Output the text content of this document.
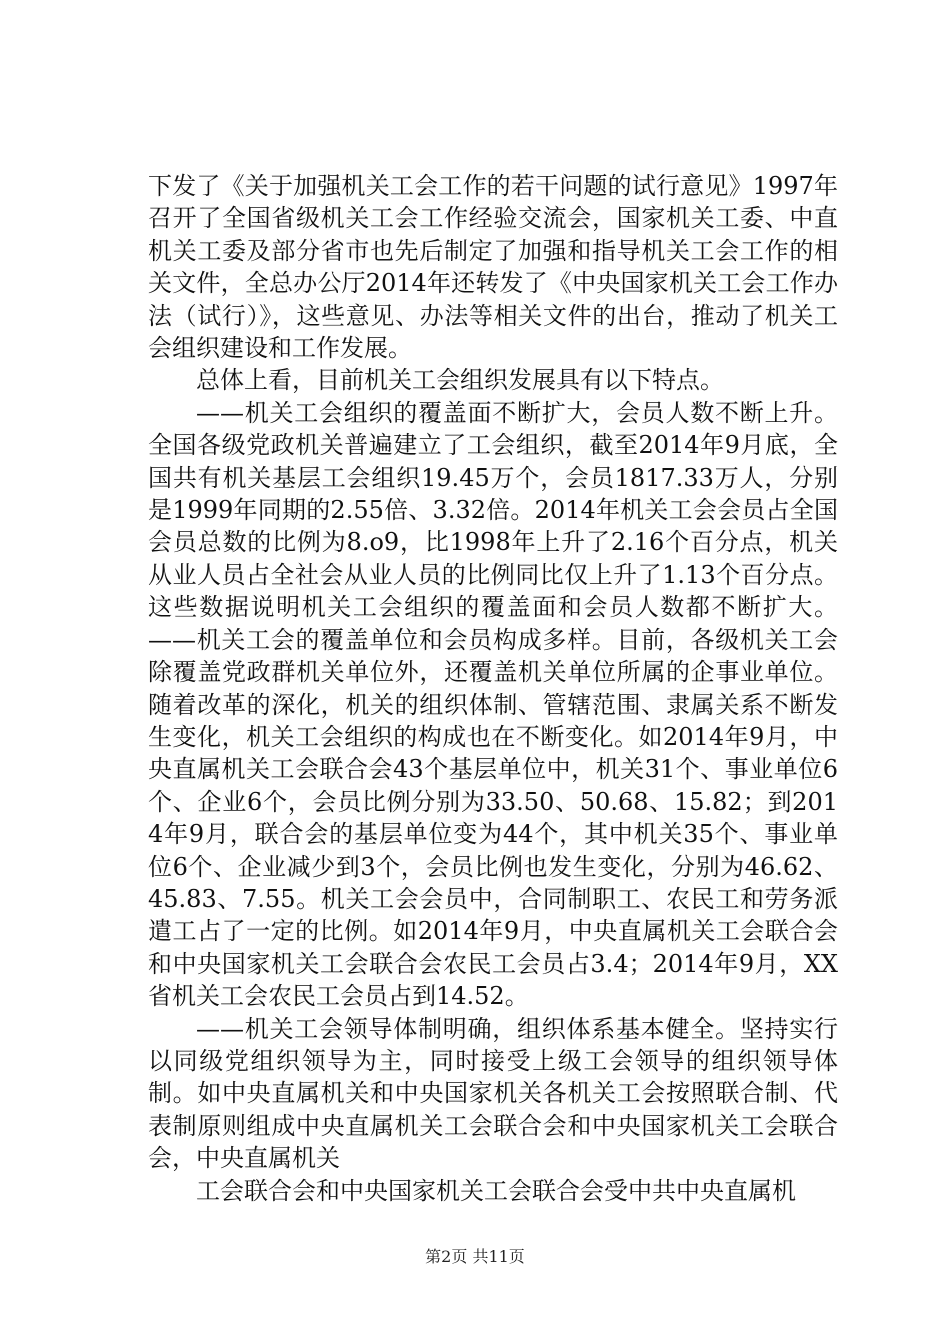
下发了《关于加强机关工会工作的若干问题的试行意见》1997年召开了全国省级机关工会工作经验交流会，国家机关工委、中直机关工委及部分省市也先后制定了加强和指导机关工会工作的相关文件，全总办公厅2014年还转发了《中央国家机关工会工作办法（试行）》，这些意见、办法等相关文件的出台，推动了机关工会组织建设和工作发展。

总体上看，目前机关工会组织发展具有以下特点。

——机关工会组织的覆盖面不断扩大，会员人数不断上升。全国各级党政机关普遍建立了工会组织，截至2014年9月底，全国共有机关基层工会组织19.45万个，会员1817.33万人，分别是1999年同期的2.55倍、3.32倍。2014年机关工会会员占全国会员总数的比例为8.o9，比1998年上升了2.16个百分点，机关从业人员占全社会从业人员的比例同比仅上升了1.13个百分点。这些数据说明机关工会组织的覆盖面和会员人数都不断扩大。——机关工会的覆盖单位和会员构成多样。目前，各级机关工会除覆盖党政群机关单位外，还覆盖机关单位所属的企事业单位。随着改革的深化，机关的组织体制、管辖范围、隶属关系不断发生变化，机关工会组织的构成也在不断变化。如2014年9月，中央直属机关工会联合会43个基层单位中，机关31个、事业单位6个、企业6个，会员比例分别为33.50、50.68、15.82；到2014年9月，联合会的基层单位变为44个，其中机关35个、事业单位6个、企业减少到3个，会员比例也发生变化，分别为46.62、45.83、7.55。机关工会会员中，合同制职工、农民工和劳务派遣工占了一定的比例。如2014年9月，中央直属机关工会联合会和中央国家机关工会联合会农民工会员占3.4；2014年9月，XX省机关工会农民工会员占到14.52。

——机关工会领导体制明确，组织体系基本健全。坚持实行以同级党组织领导为主，同时接受上级工会领导的组织领导体制。如中央直属机关和中央国家机关各机关工会按照联合制、代表制原则组成中央直属机关工会联合会和中央国家机关工会联合会，中央直属机关

工会联合会和中央国家机关工会联合会受中共中央直属机

第2页 共11页
